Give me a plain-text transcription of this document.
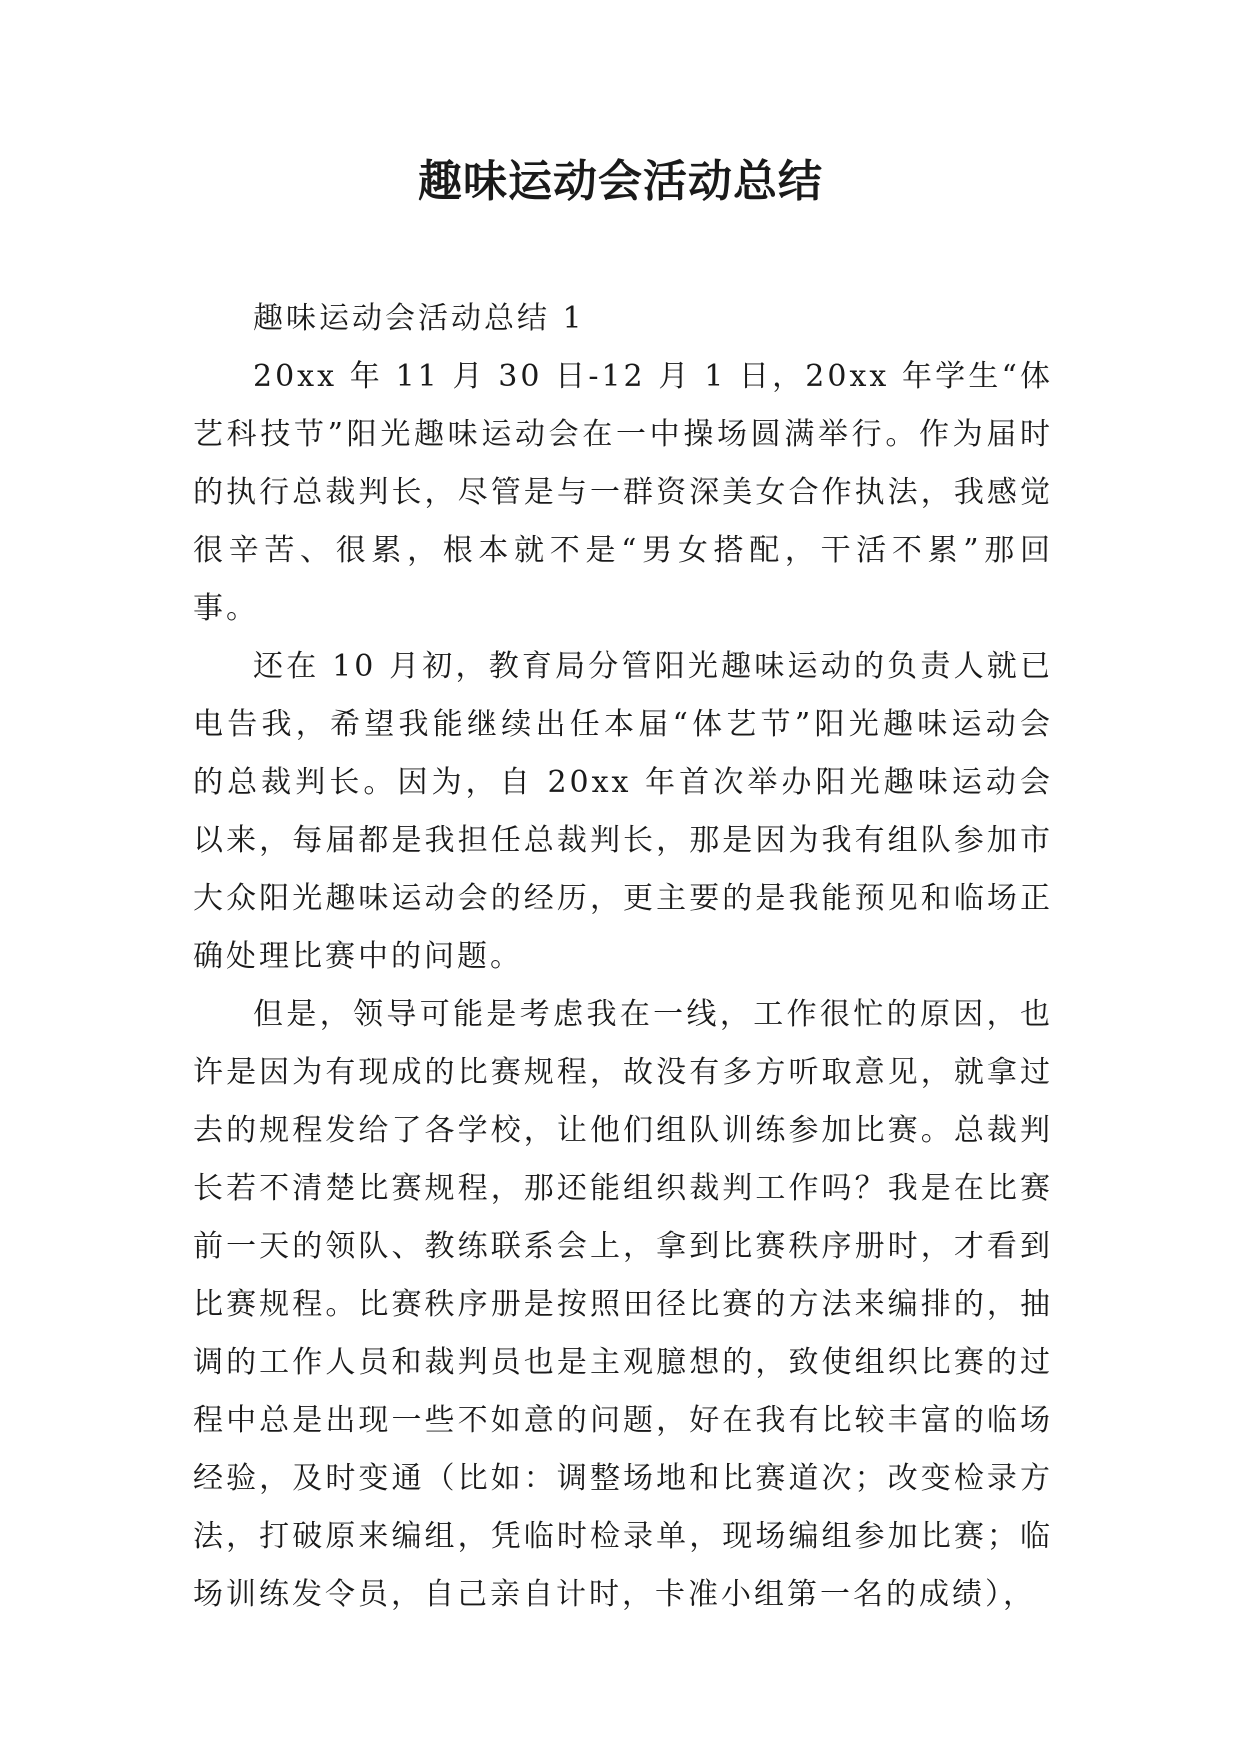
趣味运动会活动总结

趣味运动会活动总结 1

20xx 年 11 月 30 日-12 月 1 日，20xx 年学生“体艺科技节”阳光趣味运动会在一中操场圆满举行。作为届时的执行总裁判长，尽管是与一群资深美女合作执法，我感觉很辛苦、很累，根本就不是“男女搭配，干活不累”那回事。

还在 10 月初，教育局分管阳光趣味运动的负责人就已电告我，希望我能继续出任本届“体艺节”阳光趣味运动会的总裁判长。因为，自 20xx 年首次举办阳光趣味运动会以来，每届都是我担任总裁判长，那是因为我有组队参加市大众阳光趣味运动会的经历，更主要的是我能预见和临场正确处理比赛中的问题。

但是，领导可能是考虑我在一线，工作很忙的原因，也许是因为有现成的比赛规程，故没有多方听取意见，就拿过去的规程发给了各学校，让他们组队训练参加比赛。总裁判长若不清楚比赛规程，那还能组织裁判工作吗？我是在比赛前一天的领队、教练联系会上，拿到比赛秩序册时，才看到比赛规程。比赛秩序册是按照田径比赛的方法来编排的，抽调的工作人员和裁判员也是主观臆想的，致使组织比赛的过程中总是出现一些不如意的问题，好在我有比较丰富的临场经验，及时变通（比如：调整场地和比赛道次；改变检录方法，打破原来编组，凭临时检录单，现场编组参加比赛；临场训练发令员，自己亲自计时，卡准小组第一名的成绩），
